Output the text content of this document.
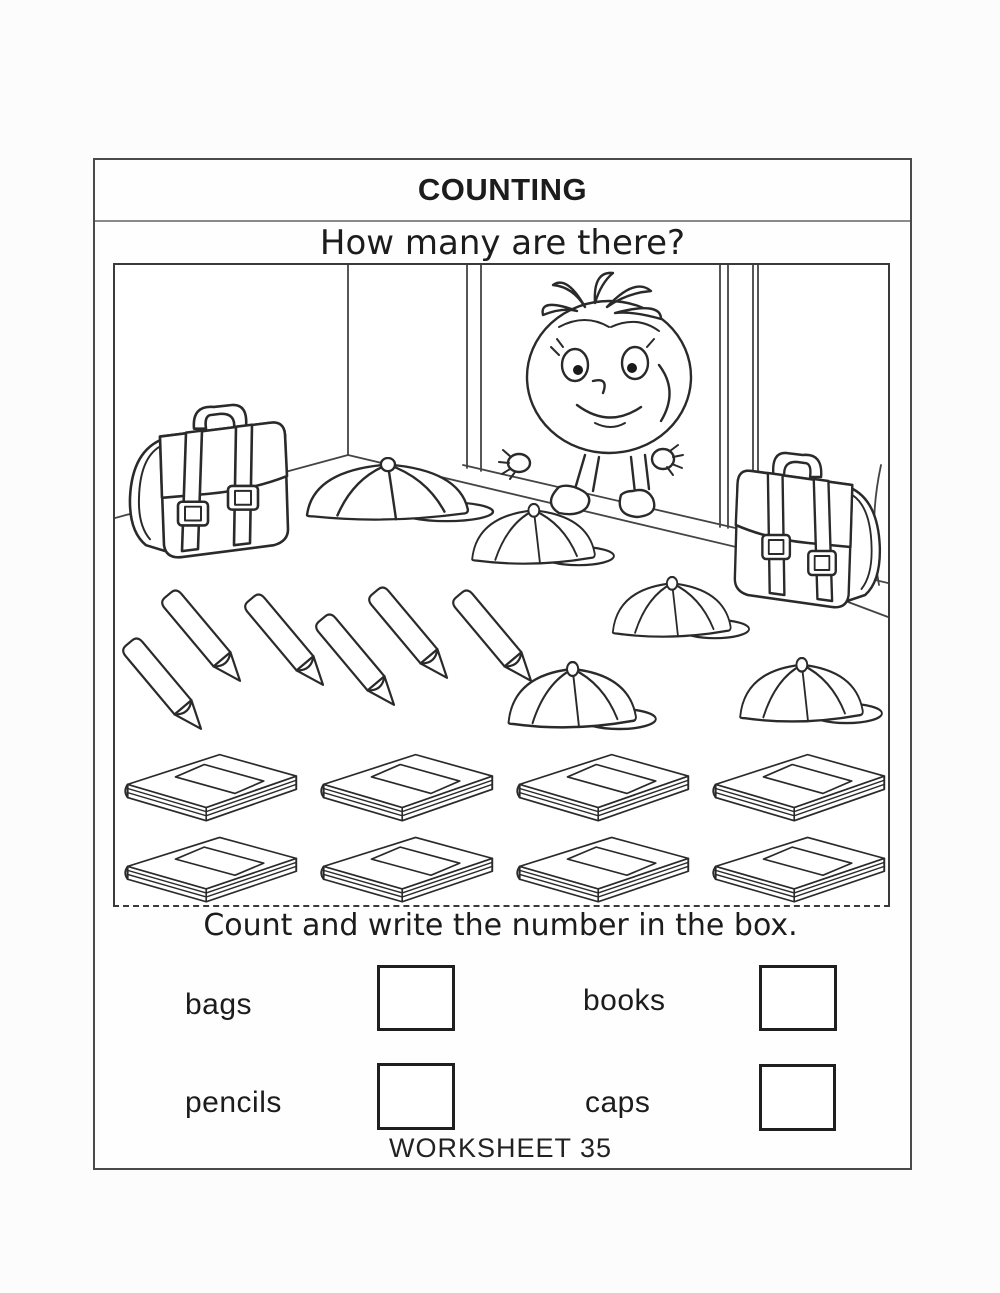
COUNTING
How many are there?
Count and write the number in the box.
bags	books
pencils	caps
WORKSHEET 35
